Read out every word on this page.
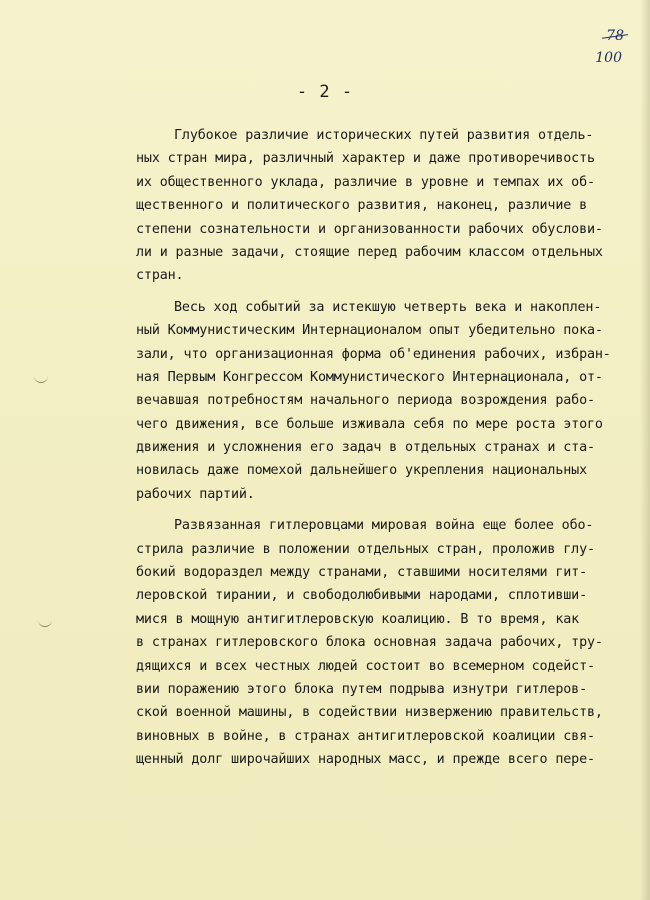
78
100
- 2 -
Глубокое различие исторических путей развития отдель-
ных стран мира, различный характер и даже противоречивость
их общественного уклада, различие в уровне и темпах их об-
щественного и политического развития, наконец, различие в
степени сознательности и организованности рабочих обуслови-
ли и разные задачи, стоящие перед рабочим классом отдельных
стран.
Весь ход событий за истекшую четверть века и накоплен-
ный Коммунистическим Интернационалом опыт убедительно пока-
зали, что организационная форма об'единения рабочих, избран-
ная Первым Конгрессом Коммунистического Интернационала, от-
вечавшая потребностям начального периода возрождения рабо-
чего движения, все больше изживала себя по мере роста этого
движения и усложнения его задач в отдельных странах и ста-
новилась даже помехой дальнейшего укрепления национальных
рабочих партий.
Развязанная гитлеровцами мировая война еще более обо-
стрила различие в положении отдельных стран, проложив глу-
бокий водораздел между странами, ставшими носителями гит-
леровской тирании, и свободолюбивыми народами, сплотивши-
мися в мощную антигитлеровскую коалицию. В то время, как
в странах гитлеровского блока основная задача рабочих, тру-
дящихся и всех честных людей состоит во всемерном содейст-
вии поражению этого блока путем подрыва изнутри гитлеров-
ской военной машины, в содействии низвержению правительств,
виновных в войне, в странах антигитлеровской коалиции свя-
щенный долг широчайших народных масс, и прежде всего пере-
